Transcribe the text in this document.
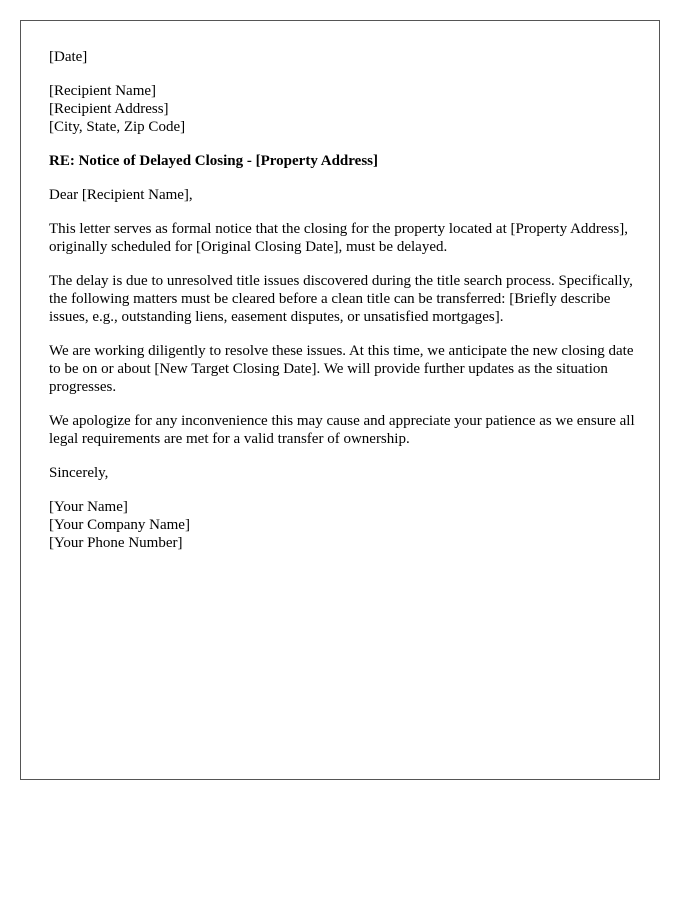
[Date]
[Recipient Name]
[Recipient Address]
[City, State, Zip Code]
RE: Notice of Delayed Closing - [Property Address]
Dear [Recipient Name],

This letter serves as formal notice that the closing for the property located at [Property Address], originally scheduled for [Original Closing Date], must be delayed.

The delay is due to unresolved title issues discovered during the title search process. Specifically, the following matters must be cleared before a clean title can be transferred: [Briefly describe issues, e.g., outstanding liens, easement disputes, or unsatisfied mortgages].

We are working diligently to resolve these issues. At this time, we anticipate the new closing date to be on or about [New Target Closing Date]. We will provide further updates as the situation progresses.

We apologize for any inconvenience this may cause and appreciate your patience as we ensure all legal requirements are met for a valid transfer of ownership.

Sincerely,
[Your Name]
[Your Company Name]
[Your Phone Number]
